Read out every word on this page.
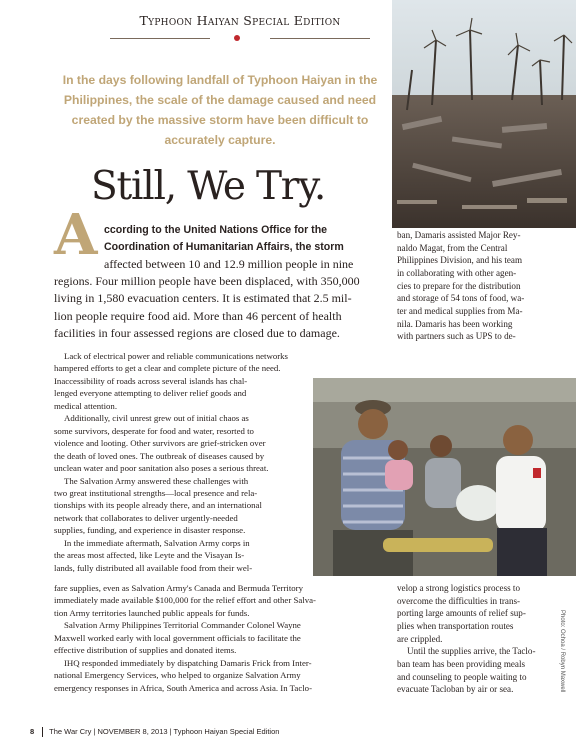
Typhoon Haiyan Special Edition
In the days following landfall of Typhoon Haiyan in the Philippines, the scale of the damage caused and need created by the massive storm have been difficult to accurately capture.
Still, We Try.
A ccording to the United Nations Office for the
Coordination of Humanitarian Affairs, the storm
affected between 10 and 12.9 million people in nine
regions. Four million people have been displaced, with 350,000
living in 1,580 evacuation centers. It is estimated that 2.5 mil-
lion people require food aid. More than 46 percent of health
facilities in four assessed regions are closed due to damage.
ban, Damaris assisted Major Rey-
naldo Magat, from the Central
Philippines Division, and his team
in collaborating with other agen-
cies to prepare for the distribution
and storage of 54 tons of food, wa-
ter and medical supplies from Ma-
nila. Damaris has been working
with partners such as UPS to de-
Lack of electrical power and reliable communications networks
hampered efforts to get a clear and complete picture of the need.
Inaccessibility of roads across several islands has chal-
lenged everyone attempting to deliver relief goods and
medical attention.
Additionally, civil unrest grew out of initial chaos as
some survivors, desperate for food and water, resorted to
violence and looting. Other survivors are grief-stricken over
the death of loved ones. The outbreak of diseases caused by
unclean water and poor sanitation also poses a serious threat.
The Salvation Army answered these challenges with
two great institutional strengths—local presence and rela-
tionships with its people already there, and an international
network that collaborates to deliver urgently-needed
supplies, funding, and experience in disaster response.
In the immediate aftermath, Salvation Army corps in
the areas most affected, like Leyte and the Visayan Is-
lands, fully distributed all available food from their wel-
Photo: Ochoa / Robyn Maxwell
fare supplies, even as Salvation Army's Canada and Bermuda Territory
immediately made available $100,000 for the relief effort and other Salva-
tion Army territories launched public appeals for funds.
Salvation Army Philippines Territorial Commander Colonel Wayne
Maxwell worked early with local government officials to facilitate the
effective distribution of supplies and donated items.
IHQ responded immediately by dispatching Damaris Frick from Inter-
national Emergency Services, who helped to organize Salvation Army
emergency responses in Africa, South America and across Asia. In Taclo-
velop a strong logistics process to
overcome the difficulties in trans-
porting large amounts of relief sup-
plies when transportation routes
are crippled.
Until the supplies arrive, the Taclo-
ban team has been providing meals
and counseling to people waiting to
evacuate Tacloban by air or sea.
8 The War Cry | NOVEMBER 8, 2013 | Typhoon Haiyan Special Edition
